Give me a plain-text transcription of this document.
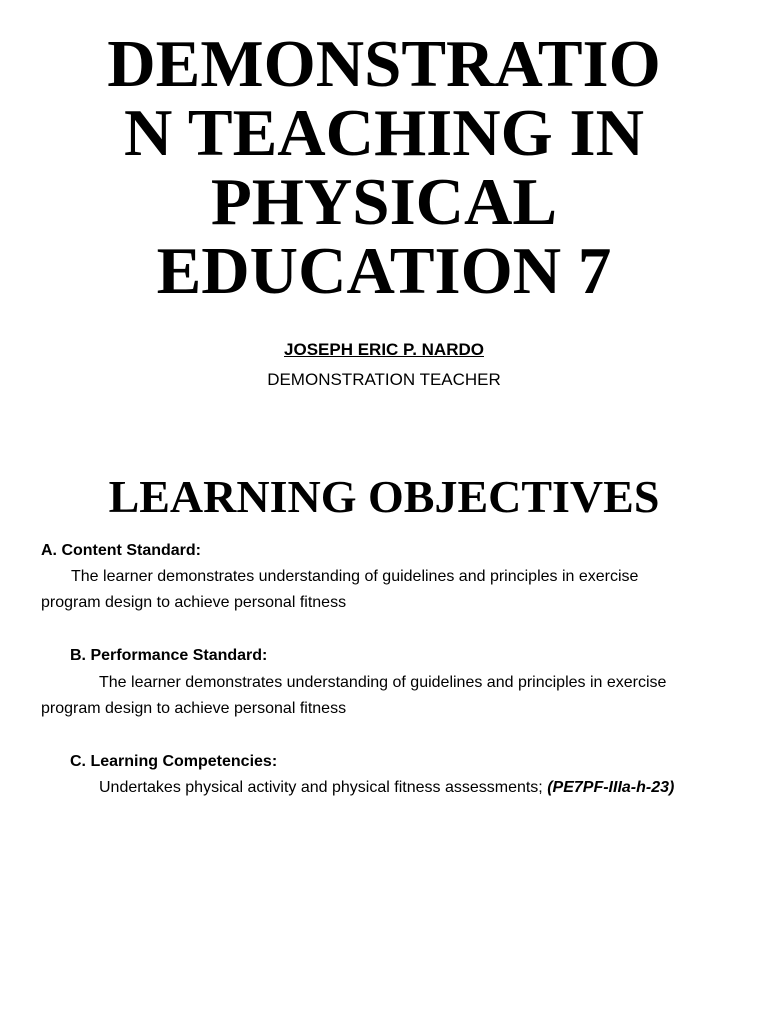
DEMONSTRATIO
N TEACHING IN
PHYSICAL
EDUCATION 7
JOSEPH ERIC P. NARDO
DEMONSTRATION TEACHER
LEARNING OBJECTIVES
A. Content Standard:
The learner demonstrates understanding of guidelines and principles in exercise
program design to achieve personal fitness
B. Performance Standard:
The learner demonstrates understanding of guidelines and principles in exercise
program design to achieve personal fitness
C. Learning Competencies:
Undertakes physical activity and physical fitness assessments; (PE7PF-IIIa-h-23)
